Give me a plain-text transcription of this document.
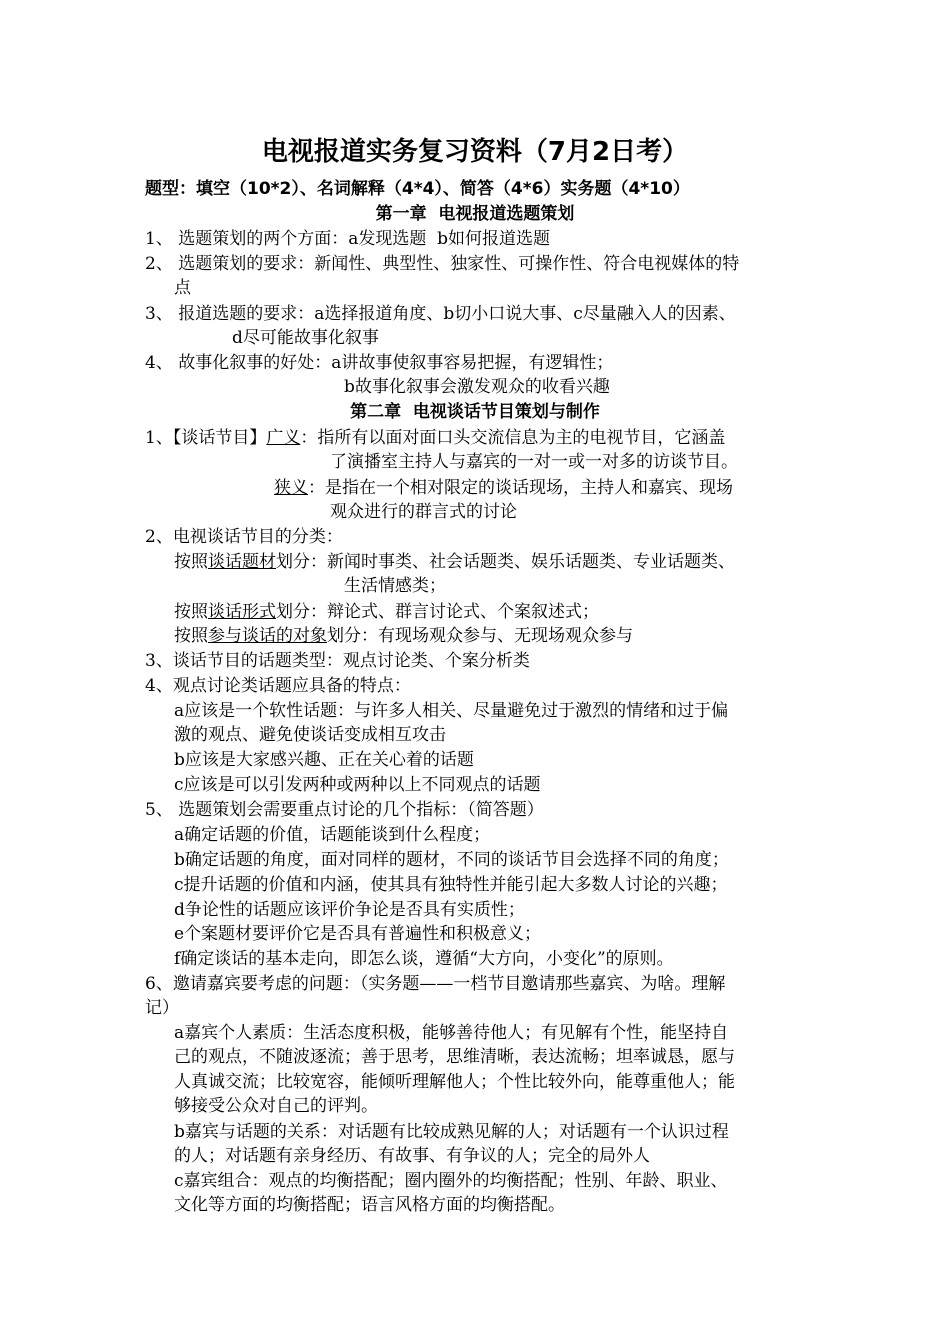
电视报道实务复习资料（7月2日考）
题型：填空（10*2）、名词解释（4*4）、简答（4*6）实务题（4*10）
第一章  电视报道选题策划
1、 选题策划的两个方面：a发现选题  b如何报道选题
2、 选题策划的要求：新闻性、典型性、独家性、可操作性、符合电视媒体的特
点
3、 报道选题的要求：a选择报道角度、b切小口说大事、c尽量融入人的因素、
d尽可能故事化叙事
4、 故事化叙事的好处：a讲故事使叙事容易把握，有逻辑性；
b故事化叙事会激发观众的收看兴趣
第二章  电视谈话节目策划与制作
1、【谈话节目】广义：指所有以面对面口头交流信息为主的电视节目，它涵盖
了演播室主持人与嘉宾的一对一或一对多的访谈节目。
狭义：是指在一个相对限定的谈话现场，主持人和嘉宾、现场
观众进行的群言式的讨论
2、电视谈话节目的分类：
按照谈话题材划分：新闻时事类、社会话题类、娱乐话题类、专业话题类、
生活情感类；
按照谈话形式划分：辩论式、群言讨论式、个案叙述式；
按照参与谈话的对象划分：有现场观众参与、无现场观众参与
3、谈话节目的话题类型：观点讨论类、个案分析类
4、观点讨论类话题应具备的特点：
a应该是一个软性话题：与许多人相关、尽量避免过于激烈的情绪和过于偏
激的观点、避免使谈话变成相互攻击
b应该是大家感兴趣、正在关心着的话题
c应该是可以引发两种或两种以上不同观点的话题
5、 选题策划会需要重点讨论的几个指标：（简答题）
a确定话题的价值，话题能谈到什么程度；
b确定话题的角度，面对同样的题材，不同的谈话节目会选择不同的角度；
c提升话题的价值和内涵，使其具有独特性并能引起大多数人讨论的兴趣；
d争论性的话题应该评价争论是否具有实质性；
e个案题材要评价它是否具有普遍性和积极意义；
f确定谈话的基本走向，即怎么谈，遵循“大方向，小变化”的原则。
6、邀请嘉宾要考虑的问题：（实务题——一档节目邀请那些嘉宾、为啥。理解
记）
a嘉宾个人素质：生活态度积极，能够善待他人；有见解有个性，能坚持自
己的观点，不随波逐流；善于思考，思维清晰，表达流畅；坦率诚恳，愿与
人真诚交流；比较宽容，能倾听理解他人；个性比较外向，能尊重他人；能
够接受公众对自己的评判。
b嘉宾与话题的关系：对话题有比较成熟见解的人；对话题有一个认识过程
的人；对话题有亲身经历、有故事、有争议的人；完全的局外人
c嘉宾组合：观点的均衡搭配；圈内圈外的均衡搭配；性别、年龄、职业、
文化等方面的均衡搭配；语言风格方面的均衡搭配。
